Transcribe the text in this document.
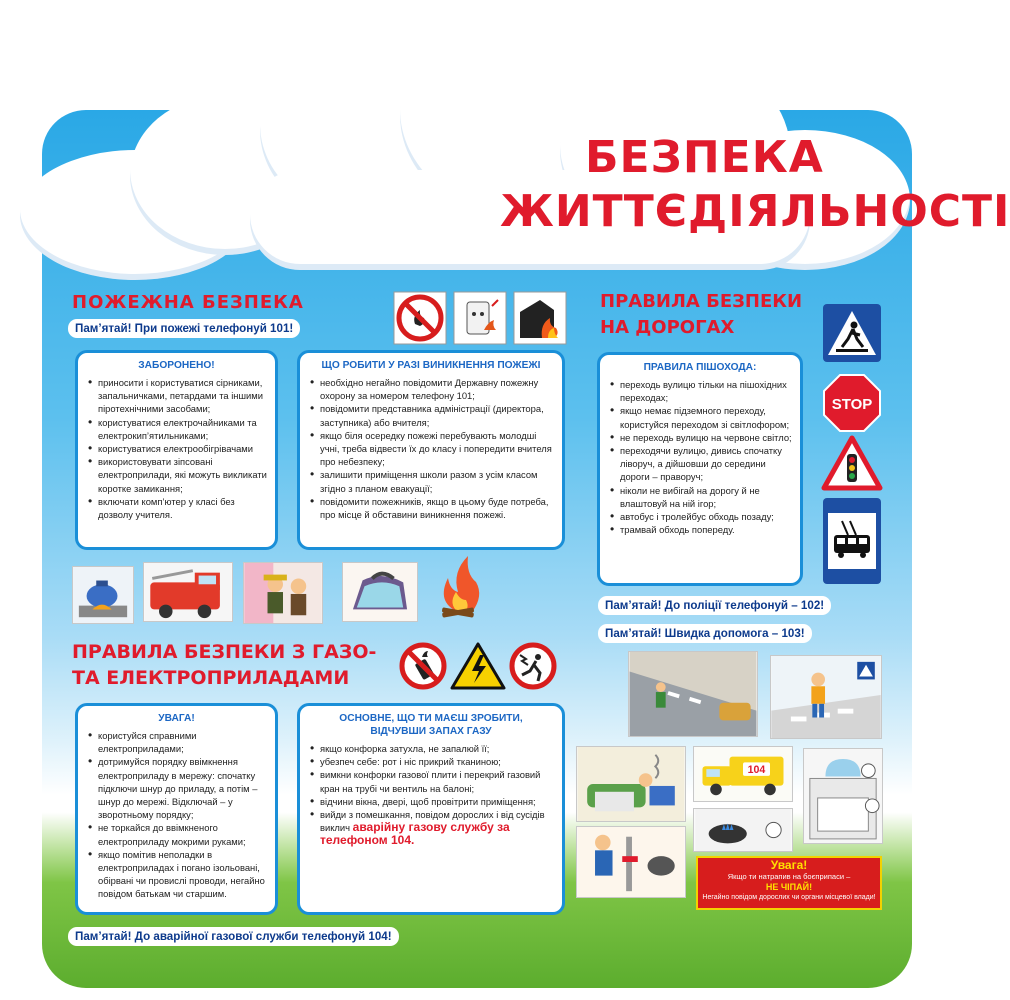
БЕЗПЕКА
ЖИТТЄДІЯЛЬНОСТІ
ПОЖЕЖНА БЕЗПЕКА
Пам’ятай! При пожежі телефонуй 101!
ЗАБОРОНЕНО!
• приносити і користуватися сірниками, запальничками, петардами та іншими піротехнічними засобами;
• користуватися електрочайниками та електрокип’ятильниками;
• користуватися електрообігрівачами
• використовувати зіпсовані електроприлади, які можуть викликати коротке замикання;
• включати комп’ютер у класі без дозволу учителя.
ЩО РОБИТИ У РАЗІ ВИНИКНЕННЯ ПОЖЕЖІ
• необхідно негайно повідомити Державну пожежну охорону за номером телефону 101;
• повідомити представника адміністрації (директора, заступника) або вчителя;
• якщо біля осередку пожежі перебувають молодші учні, треба відвести їх до класу і попередити вчителя про небезпеку;
• залишити приміщення школи разом з усім класом згідно з планом евакуації;
• повідомити пожежників, якщо в цьому буде потреба, про місце й обставини виникнення пожежі.
ПРАВИЛА БЕЗПЕКИ
НА ДОРОГАХ
ПРАВИЛА ПІШОХОДА:
• переходь вулицю тільки на пішохідних переходах;
• якщо немає підземного переходу, користуйся переходом зі світлофором;
• не переходь вулицю на червоне світло;
• переходячи вулицю, дивись спочатку ліворуч, а дійшовши до середини дороги – праворуч;
• ніколи не вибігай на дорогу й не влаштовуй на ній ігор;
• автобус і тролейбус обходь позаду;
• трамвай обходь попереду.
STOP
Пам’ятай! До поліції телефонуй – 102!
Пам’ятай! Швидка допомога – 103!
ПРАВИЛА БЕЗПЕКИ З ГАЗО-
ТА ЕЛЕКТРОПРИЛАДАМИ
УВАГА!
• користуйся справними електроприладами;
• дотримуйся порядку ввімкнення електроприладу в мережу: спочатку підключи шнур до приладу, а потім – шнур до мережі. Відключай – у зворотньому порядку;
• не торкайся до ввімкненого електроприладу мокрими руками;
• якщо помітив неполадки в електроприладах і погано ізольовані, обірвані чи провислі проводи, негайно повідом батькам чи старшим.
ОСНОВНЕ, ЩО ТИ МАЄШ ЗРОБИТИ,
ВІДЧУВШИ ЗАПАХ ГАЗУ
• якщо конфорка затухла, не запалюй її;
• убезпеч себе: рот і ніс прикрий тканиною;
• вимкни конфорки газової плити і перекрий газовий кран на трубі чи вентиль на балоні;
• відчини вікна, двері, щоб провітрити приміщення;
• вийди з помешкання, повідом дорослих і від сусідів виклич аварійну газову службу за телефоном 104.
104
Увага!
Якщо ти натрапив на боєприпаси –
НЕ ЧІПАЙ!
Негайно повідом дорослих чи органи місцевої влади!
Пам’ятай! До аварійної газової служби телефонуй 104!
